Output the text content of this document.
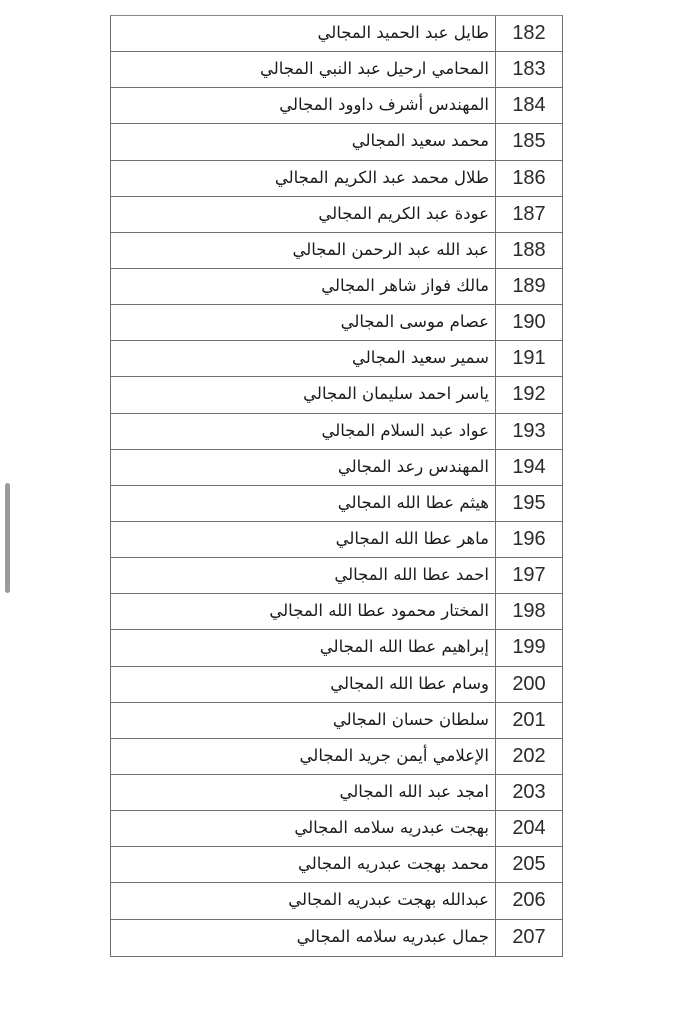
طايل عبد الحميد المجالي	182
المحامي ارحيل عبد النبي المجالي	183
المهندس أشرف داوود المجالي	184
محمد سعيد المجالي	185
طلال محمد عبد الكريم المجالي	186
عودة عبد الكريم المجالي	187
عبد الله عبد الرحمن المجالي	188
مالك فواز شاهر المجالي	189
عصام موسى المجالي	190
سمير سعيد المجالي	191
ياسر احمد سليمان المجالي	192
عواد عبد السلام المجالي	193
المهندس رعد المجالي	194
هيثم عطا الله المجالي	195
ماهر عطا الله المجالي	196
احمد عطا الله المجالي	197
المختار محمود عطا الله المجالي	198
إبراهيم عطا الله المجالي	199
وسام عطا الله المجالي	200
سلطان حسان المجالي	201
الإعلامي أيمن جريد المجالي	202
امجد عبد الله المجالي	203
بهجت عبدريه سلامه المجالي	204
محمد بهجت عبدريه المجالي	205
عبدالله بهجت عبدريه المجالي	206
جمال عبدريه سلامه المجالي	207
